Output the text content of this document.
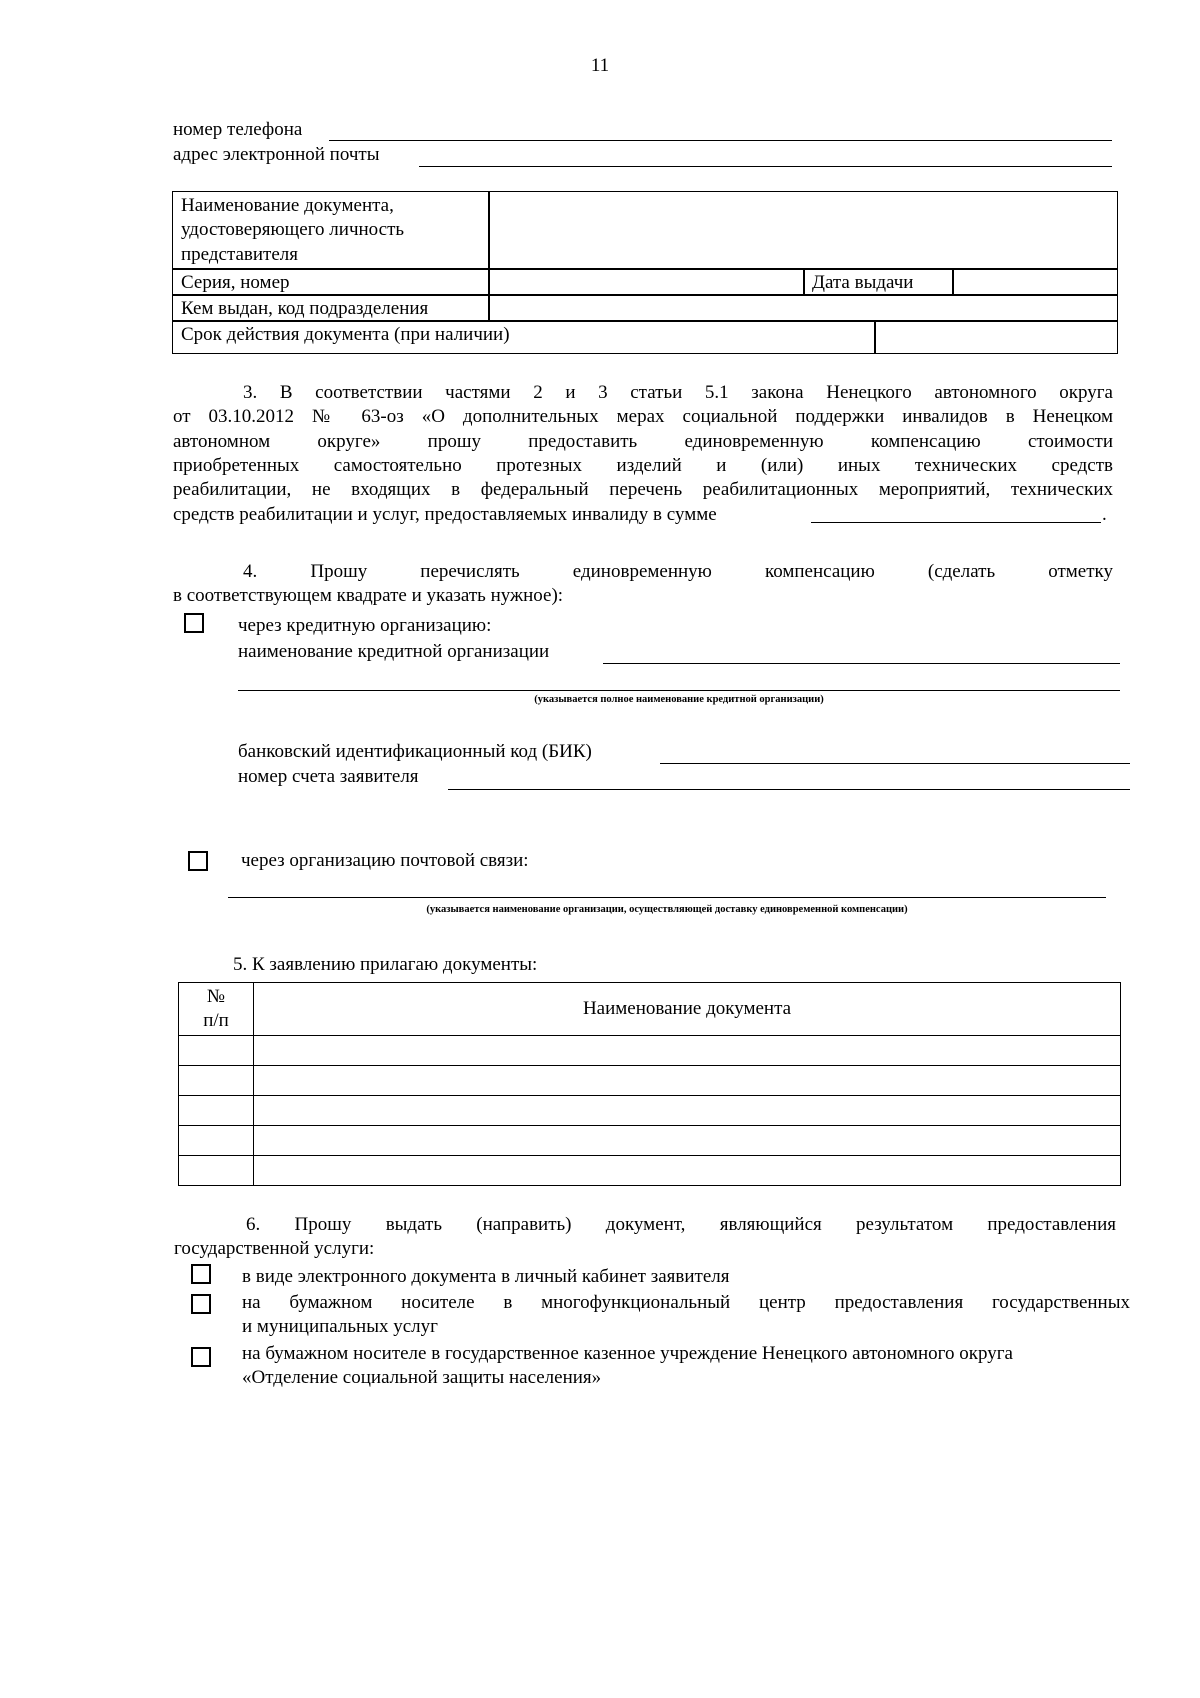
11
номер телефона
адрес электронной почты
Наименование документа,
удостоверяющего личность
представителя
Серия, номер	Дата выдачи
Кем выдан, код подразделения
Срок действия документа (при наличии)
3. В соответствии частями 2 и 3 статьи 5.1 закона Ненецкого автономного округа
от 03.10.2012 № 63-оз «О дополнительных мерах социальной поддержки инвалидов в Ненецком
автономном округе» прошу предоставить единовременную компенсацию стоимости
приобретенных самостоятельно протезных изделий и (или) иных технических средств
реабилитации, не входящих в федеральный перечень реабилитационных мероприятий, технических
средств реабилитации и услуг, предоставляемых инвалиду в сумме	.
4. Прошу перечислять единовременную компенсацию (сделать отметку
в соответствующем квадрате и указать нужное):
через кредитную организацию:
наименование кредитной организации
(указывается полное наименование кредитной организации)
банковский идентификационный код (БИК)
номер счета заявителя
через организацию почтовой связи:
(указывается наименование организации, осуществляющей доставку единовременной компенсации)
5. К заявлению прилагаю документы:
№
п/п	Наименование документа

6. Прошу выдать (направить) документ, являющийся результатом предоставления
государственной услуги:
в виде электронного документа в личный кабинет заявителя
на бумажном носителе в многофункциональный центр предоставления государственных
и муниципальных услуг
на бумажном носителе в государственное казенное учреждение Ненецкого автономного округа
«Отделение социальной защиты населения»
